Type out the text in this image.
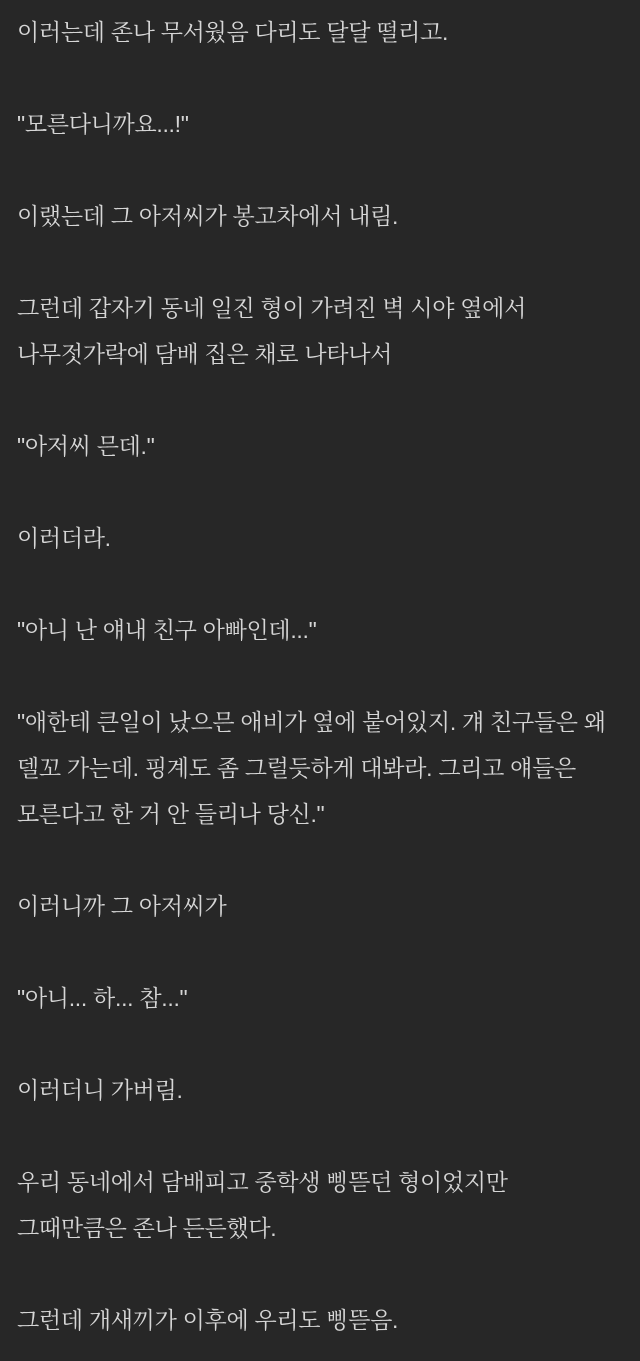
이러는데 존나 무서웠음 다리도 달달 떨리고.

"모른다니까요...!"

이랬는데 그 아저씨가 봉고차에서 내림.

그런데 갑자기 동네 일진 형이 가려진 벽 시야 옆에서 나무젓가락에 담배 집은 채로 나타나서

"아저씨 믄데."

이러더라.

"아니 난 얘내 친구 아빠인데..."

"애한테 큰일이 났으믄 애비가 옆에 붙어있지. 걔 친구들은 왜 델꼬 가는데. 핑계도 좀 그럴듯하게 대봐라. 그리고 얘들은 모른다고 한 거 안 들리나 당신."

이러니까 그 아저씨가

"아니... 하... 참..."

이러더니 가버림.

우리 동네에서 담배피고 중학생 삥뜯던 형이었지만 그때만큼은 존나 든든했다.

그런데 개새끼가 이후에 우리도 삥뜯음.
